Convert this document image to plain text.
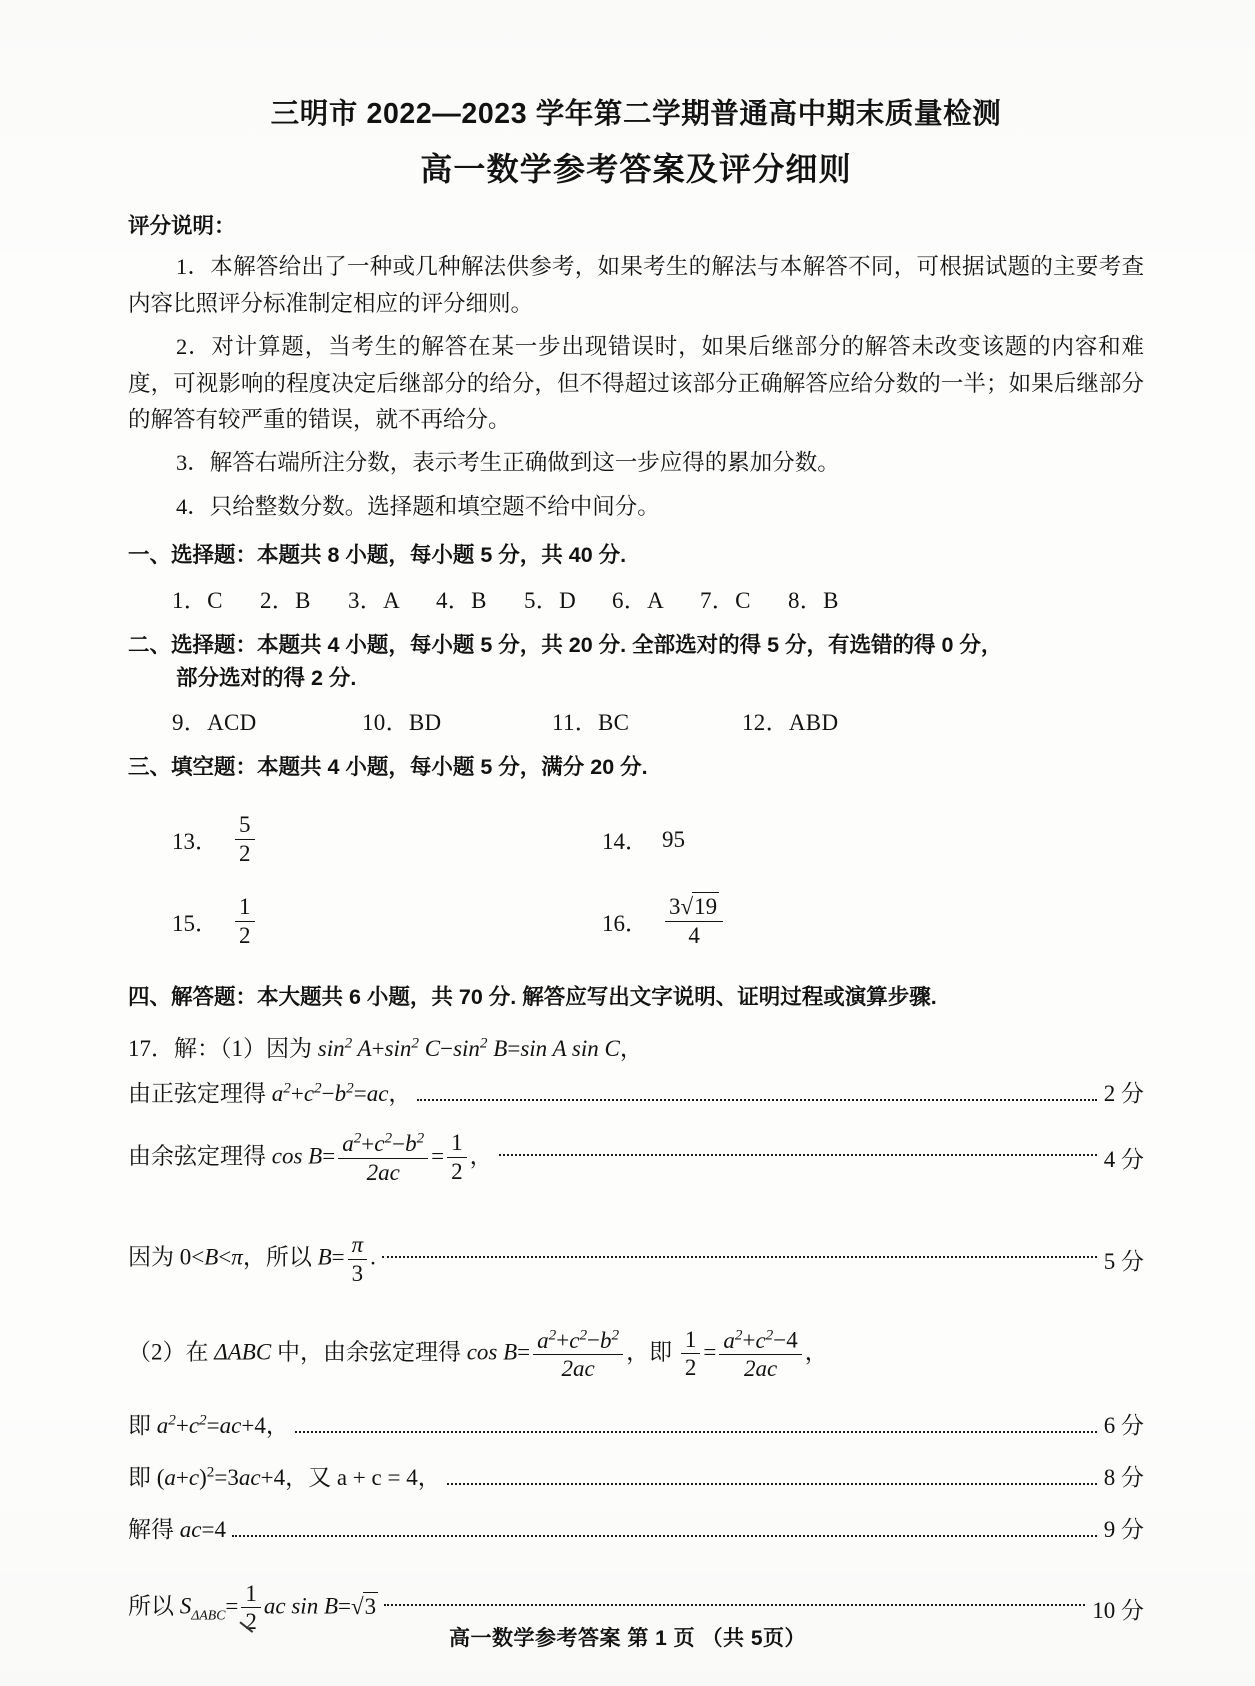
三明市 2022—2023 学年第二学期普通高中期末质量检测
高一数学参考答案及评分细则
评分说明：
1．本解答给出了一种或几种解法供参考，如果考生的解法与本解答不同，可根据试题的主要考查内容比照评分标准制定相应的评分细则。
2．对计算题，当考生的解答在某一步出现错误时，如果后继部分的解答未改变该题的内容和难度，可视影响的程度决定后继部分的给分，但不得超过该部分正确解答应给分数的一半；如果后继部分的解答有较严重的错误，就不再给分。
3．解答右端所注分数，表示考生正确做到这一步应得的累加分数。
4．只给整数分数。选择题和填空题不给中间分。
一、选择题：本题共 8 小题，每小题 5 分，共 40 分.
1．C 2．B 3．A 4．B 5．D 6．A 7．C 8．B
二、选择题：本题共 4 小题，每小题 5 分，共 20 分. 全部选对的得 5 分，有选错的得 0 分，
部分选对的得 2 分.
9．ACD	10．BD	11．BC	12．ABD
三、填空题：本题共 4 小题，每小题 5 分，满分 20 分.
13． $\frac{5}{2}$	14． 95
15． $\frac{1}{2}$	16． $\frac{3√19}{4}$
四、解答题：本大题共 6 小题，共 70 分. 解答应写出文字说明、证明过程或演算步骤.
17．解：（1）因为 $\sin^2 A+\sin^2$ $C-\sin^2$ B=sin A sin C，
由正弦定理得 $a^2+c^2-b^2=ac$，	2 分
由余弦定理得 $\cos B= \frac{a^2+c^2-b^2}{2ac} = \frac{1}{2}$ ，	4 分
因为 0<B<π，所以 $B= \frac{\pi}{3}$ .	5 分
（2）在 ΔABC 中，由余弦定理得 $\cos B= \frac{a^2+c^2-b^2}{2ac}$ ，即 $\frac{1}{2} = \frac{a^2+c^2-4}{2ac}$ ，
即 $a^2+c^2=ac+4$，	6 分
即 $(a+c)^2=3ac+4$，又 a + c = 4，	8 分
解得 ac=4	9 分
所以 $S_{\Delta ABC}= \frac{1}{2}$ ac sin B=√3	10 分
高一数学参考答案 第 1 页 （共 5页）
